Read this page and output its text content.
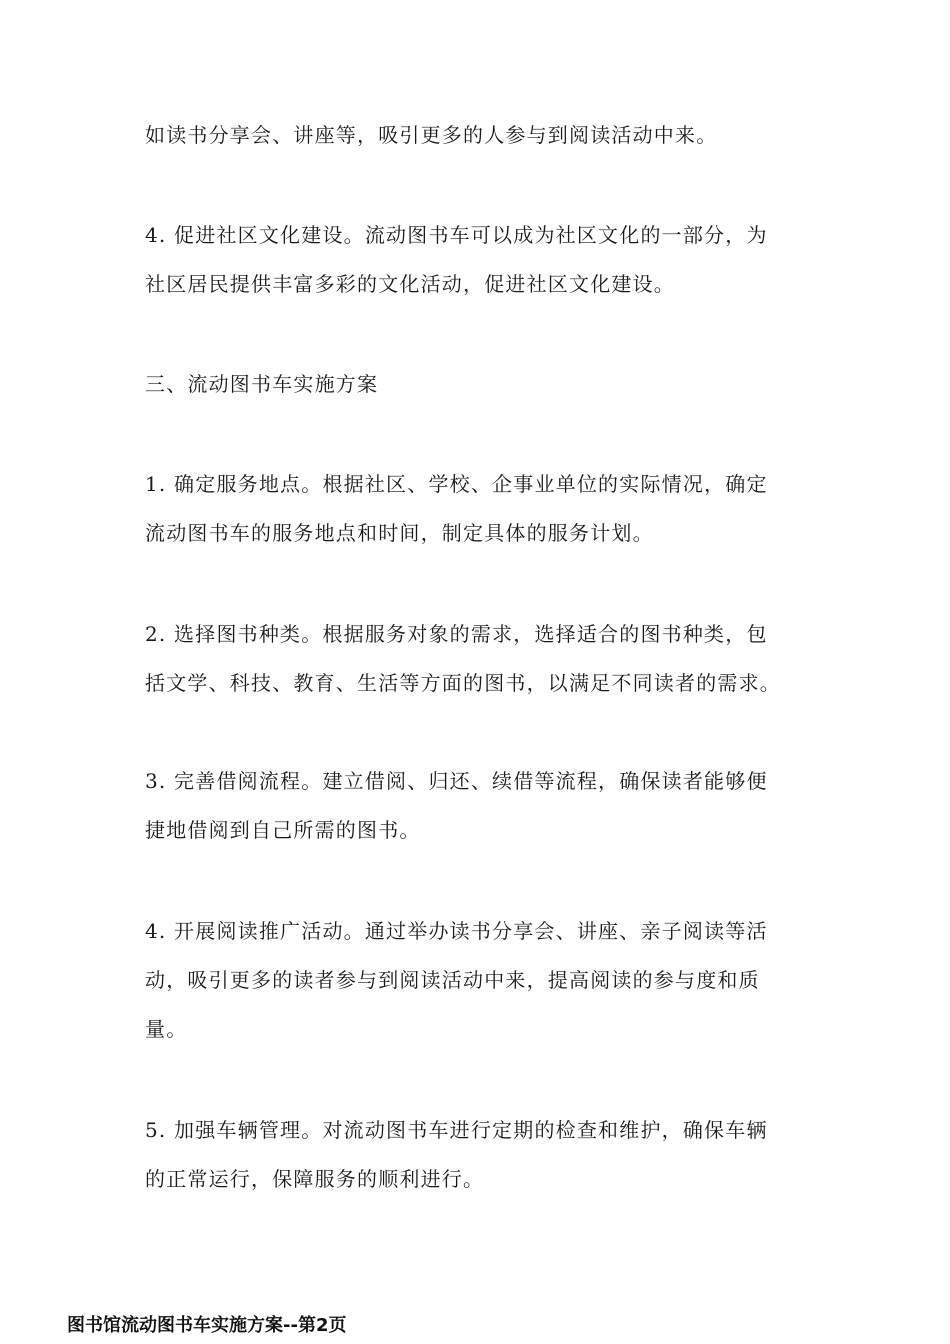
如读书分享会、讲座等，吸引更多的人参与到阅读活动中来。

4. 促进社区文化建设。流动图书车可以成为社区文化的一部分，为
社区居民提供丰富多彩的文化活动，促进社区文化建设。

三、流动图书车实施方案

1. 确定服务地点。根据社区、学校、企事业单位的实际情况，确定
流动图书车的服务地点和时间，制定具体的服务计划。

2. 选择图书种类。根据服务对象的需求，选择适合的图书种类，包
括文学、科技、教育、生活等方面的图书，以满足不同读者的需求。

3. 完善借阅流程。建立借阅、归还、续借等流程，确保读者能够便
捷地借阅到自己所需的图书。

4. 开展阅读推广活动。通过举办读书分享会、讲座、亲子阅读等活
动，吸引更多的读者参与到阅读活动中来，提高阅读的参与度和质
量。

5. 加强车辆管理。对流动图书车进行定期的检查和维护，确保车辆
的正常运行，保障服务的顺利进行。

图书馆流动图书车实施方案--第2页
